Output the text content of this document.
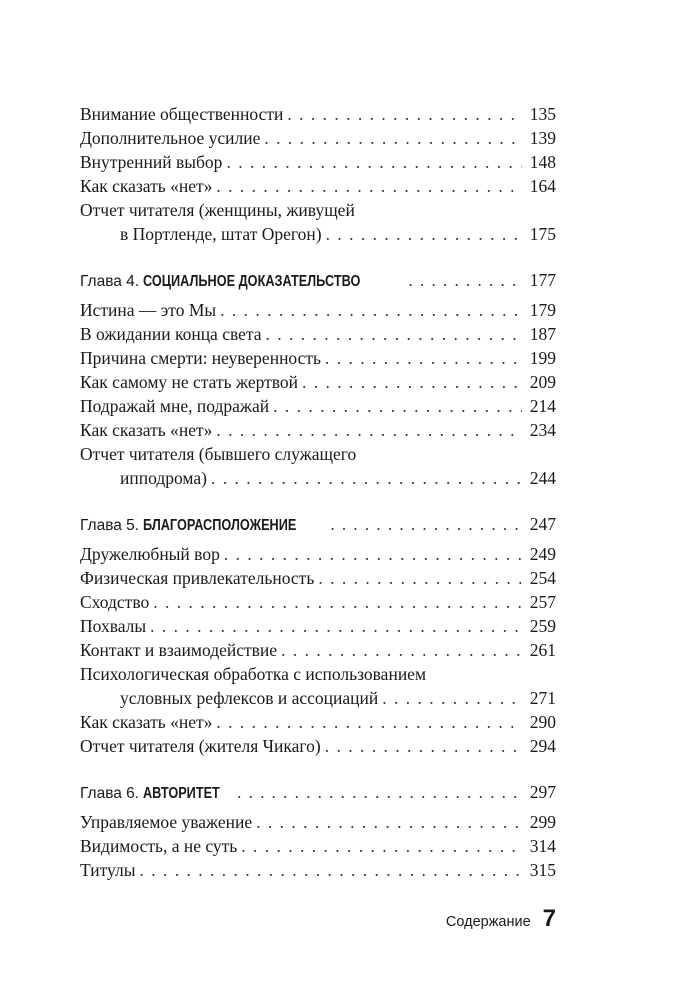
Внимание общественности . . .	135
Дополнительное усилие . . .	139
Внутренний выбор . . .	148
Как сказать «нет» . . .	164
Отчет читателя (женщины, живущей
в Портленде, штат Орегон) . . .	175
Глава 4. СОЦИАЛЬНОЕ ДОКАЗАТЕЛЬСТВО . . .	177
Истина — это Мы . . .	179
В ожидании конца света . . .	187
Причина смерти: неуверенность . . .	199
Как самому не стать жертвой . . .	209
Подражай мне, подражай . . .	214
Как сказать «нет» . . .	234
Отчет читателя (бывшего служащего
ипподрома) . . .	244
Глава 5. БЛАГОРАСПОЛОЖЕНИЕ . . .	247
Дружелюбный вор . . .	249
Физическая привлекательность . . .	254
Сходство . . .	257
Похвалы . . .	259
Контакт и взаимодействие . . .	261
Психологическая обработка с использованием
условных рефлексов и ассоциаций . . .	271
Как сказать «нет» . . .	290
Отчет читателя (жителя Чикаго) . . .	294
Глава 6. АВТОРИТЕТ . . .	297
Управляемое уважение . . .	299
Видимость, а не суть . . .	314
Титулы . . .	315
Содержание 7
